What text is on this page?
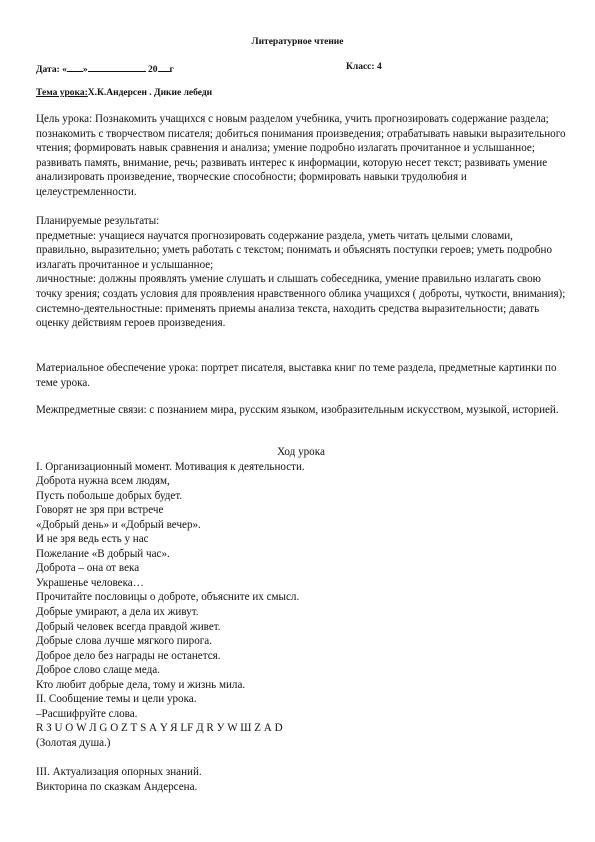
Литературное чтение
Дата: « »	20 г	Класс: 4
Тема урока:Х.К.Андерсен . Дикие лебеди

Цель урока: Познакомить учащихся с новым разделом учебника, учить прогнозировать содержание раздела; познакомить с творчеством писателя; добиться понимания произведения; отрабатывать навыки выразительного чтения; формировать навык сравнения и анализа; умение подробно излагать прочитанное и услышанное; развивать память, внимание, речь; развивать интерес к информации, которую несет текст; развивать умение анализировать произведение, творческие способности; формировать навыки трудолюбия и целеустремленности.

Планируемые результаты:

предметные: учащиеся научатся прогнозировать содержание раздела, уметь читать целыми словами, правильно, выразительно; уметь работать с текстом; понимать и объяснять поступки героев; уметь подробно излагать прочитанное и услышанное;

личностные: должны проявлять умение слушать и слышать собеседника, умение правильно излагать свою точку зрения; создать условия для проявления нравственного облика учащихся ( доброты, чуткости, внимания);

системно-деятельностные: применять приемы анализа текста, находить средства выразительности; давать оценку действиям героев произведения.

Материальное обеспечение урока: портрет писателя, выставка книг по теме раздела, предметные картинки по теме урока.

Межпредметные связи: с познанием мира, русским языком, изобразительным искусством, музыкой, историей.

Ход урока
I. Организационный момент. Мотивация к деятельности.
Доброта нужна всем людям,
Пусть побольше добрых будет.
Говорят не зря при встрече
«Добрый день» и «Добрый вечер».
И не зря ведь есть у нас
Пожелание «В добрый час».
Доброта – она от века
Украшенье человека…
Прочитайте пословицы о доброте, объясните их смысл.
Добрые умирают, а дела их живут.
Добрый человек всегда правдой живет.
Добрые слова лучше мягкого пирога.
Доброе дело без награды не останется.
Доброе слово слаще меда.
Кто любит добрые дела, тому и жизнь мила.
II. Сообщение темы и цели урока.
–Расшифруйте слова.
R З U О W Л G О Z Т S А Y Я LF Д R У W Ш Z А D
(Золотая душа.)

III. Актуализация опорных знаний.
Викторина по сказкам Андерсена.
